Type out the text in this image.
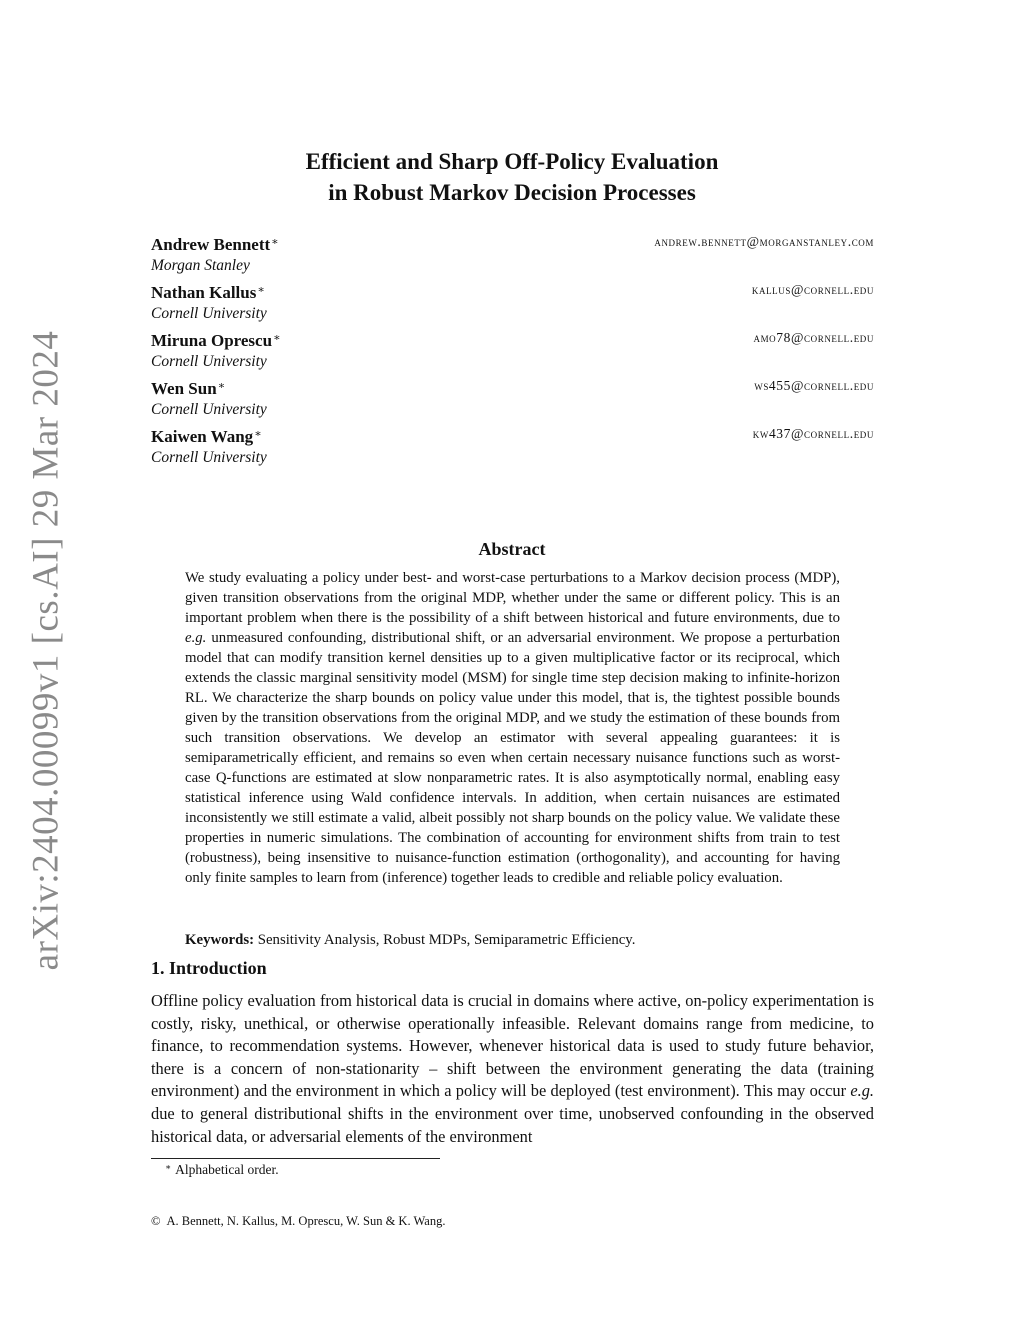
arXiv:2404.00099v1 [cs.AI] 29 Mar 2024
Efficient and Sharp Off-Policy Evaluation
in Robust Markov Decision Processes
Andrew Bennett∗
Morgan Stanley
andrew.bennett@morganstanley.com
Nathan Kallus∗
Cornell University
kallus@cornell.edu
Miruna Oprescu∗
Cornell University
amo78@cornell.edu
Wen Sun∗
Cornell University
ws455@cornell.edu
Kaiwen Wang∗
Cornell University
kw437@cornell.edu
Abstract
We study evaluating a policy under best- and worst-case perturbations to a Markov decision process (MDP), given transition observations from the original MDP, whether under the same or different policy. This is an important problem when there is the possibility of a shift between historical and future environments, due to e.g. unmeasured confounding, distributional shift, or an adversarial environment. We propose a perturbation model that can modify transition kernel densities up to a given multiplicative factor or its reciprocal, which extends the classic marginal sensitivity model (MSM) for single time step decision making to infinite-horizon RL. We characterize the sharp bounds on policy value under this model, that is, the tightest possible bounds given by the transition observations from the original MDP, and we study the estimation of these bounds from such transition observations. We develop an estimator with several appealing guarantees: it is semiparametrically efficient, and remains so even when certain necessary nuisance functions such as worst-case Q-functions are estimated at slow nonparametric rates. It is also asymptotically normal, enabling easy statistical inference using Wald confidence intervals. In addition, when certain nuisances are estimated inconsistently we still estimate a valid, albeit possibly not sharp bounds on the policy value. We validate these properties in numeric simulations. The combination of accounting for environment shifts from train to test (robustness), being insensitive to nuisance-function estimation (orthogonality), and accounting for having only finite samples to learn from (inference) together leads to credible and reliable policy evaluation.
Keywords: Sensitivity Analysis, Robust MDPs, Semiparametric Efficiency.
1. Introduction
Offline policy evaluation from historical data is crucial in domains where active, on-policy experimentation is costly, risky, unethical, or otherwise operationally infeasible. Relevant domains range from medicine, to finance, to recommendation systems. However, whenever historical data is used to study future behavior, there is a concern of non-stationarity – shift between the environment generating the data (training environment) and the environment in which a policy will be deployed (test environment). This may occur e.g. due to general distributional shifts in the environment over time, unobserved confounding in the observed historical data, or adversarial elements of the environment
∗ Alphabetical order.
© A. Bennett, N. Kallus, M. Oprescu, W. Sun & K. Wang.
